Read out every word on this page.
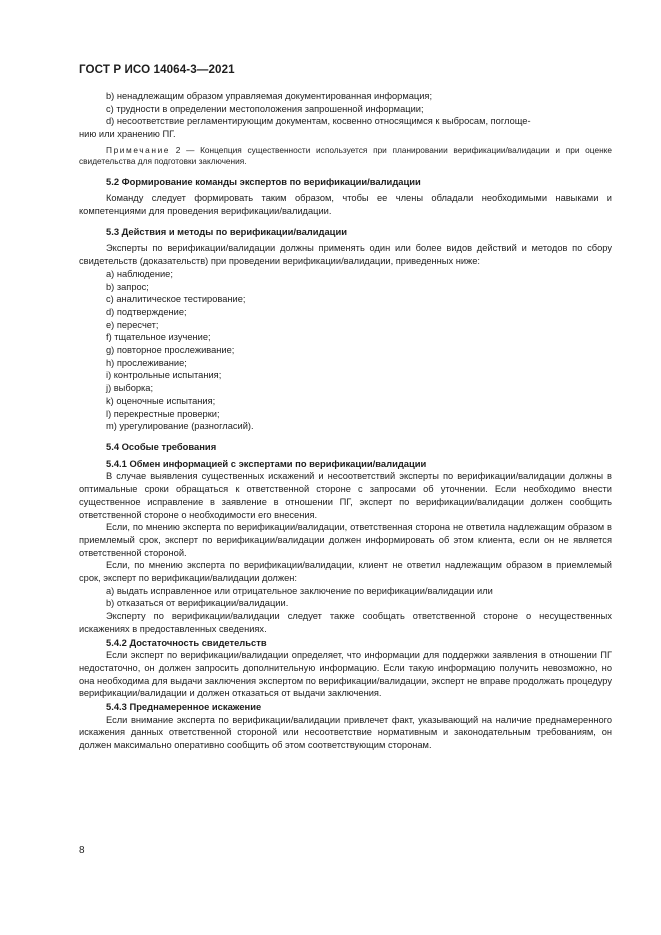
ГОСТ Р ИСО 14064-3—2021

b) ненадлежащим образом управляемая документированная информация;

c) трудности в определении местоположения запрошенной информации;

d) несоответствие регламентирующим документам, косвенно относящимся к выбросам, поглоще-

нию или хранению ПГ.

Примечание 2 — Концепция существенности используется при планировании верификации/валидации и при оценке свидетельства для подготовки заключения.

5.2 Формирование команды экспертов по верификации/валидации

Команду следует формировать таким образом, чтобы ее члены обладали необходимыми навыками и компетенциями для проведения верификации/валидации.

5.3 Действия и методы по верификации/валидации

Эксперты по верификации/валидации должны применять один или более видов действий и методов по сбору свидетельств (доказательств) при проведении верификации/валидации, приведенных ниже:

a) наблюдение;

b) запрос;

c) аналитическое тестирование;

d) подтверждение;

e) пересчет;

f) тщательное изучение;

g) повторное прослеживание;

h) прослеживание;

i) контрольные испытания;

j) выборка;

k) оценочные испытания;

l) перекрестные проверки;

m) урегулирование (разногласий).

5.4 Особые требования
5.4.1 Обмен информацией с экспертами по верификации/валидации

В случае выявления существенных искажений и несоответствий эксперты по верификации/валидации должны в оптимальные сроки обращаться к ответственной стороне с запросами об уточнении. Если необходимо внести существенное исправление в заявление в отношении ПГ, эксперт по верификации/валидации должен сообщить ответственной стороне о необходимости его внесения.

Если, по мнению эксперта по верификации/валидации, ответственная сторона не ответила надлежащим образом в приемлемый срок, эксперт по верификации/валидации должен информировать об этом клиента, если он не является ответственной стороной.

Если, по мнению эксперта по верификации/валидации, клиент не ответил надлежащим образом в приемлемый срок, эксперт по верификации/валидации должен:

a) выдать исправленное или отрицательное заключение по верификации/валидации или

b) отказаться от верификации/валидации.

Эксперту по верификации/валидации следует также сообщать ответственной стороне о несущественных искажениях в предоставленных сведениях.

5.4.2 Достаточность свидетельств

Если эксперт по верификации/валидации определяет, что информации для поддержки заявления в отношении ПГ недостаточно, он должен запросить дополнительную информацию. Если такую информацию получить невозможно, но она необходима для выдачи заключения экспертом по верификации/валидации, эксперт не вправе продолжать процедуру верификации/валидации и должен отказаться от выдачи заключения.

5.4.3 Преднамеренное искажение

Если внимание эксперта по верификации/валидации привлечет факт, указывающий на наличие преднамеренного искажения данных ответственной стороной или несоответствие нормативным и законодательным требованиям, он должен максимально оперативно сообщить об этом соответствующим сторонам.

8
